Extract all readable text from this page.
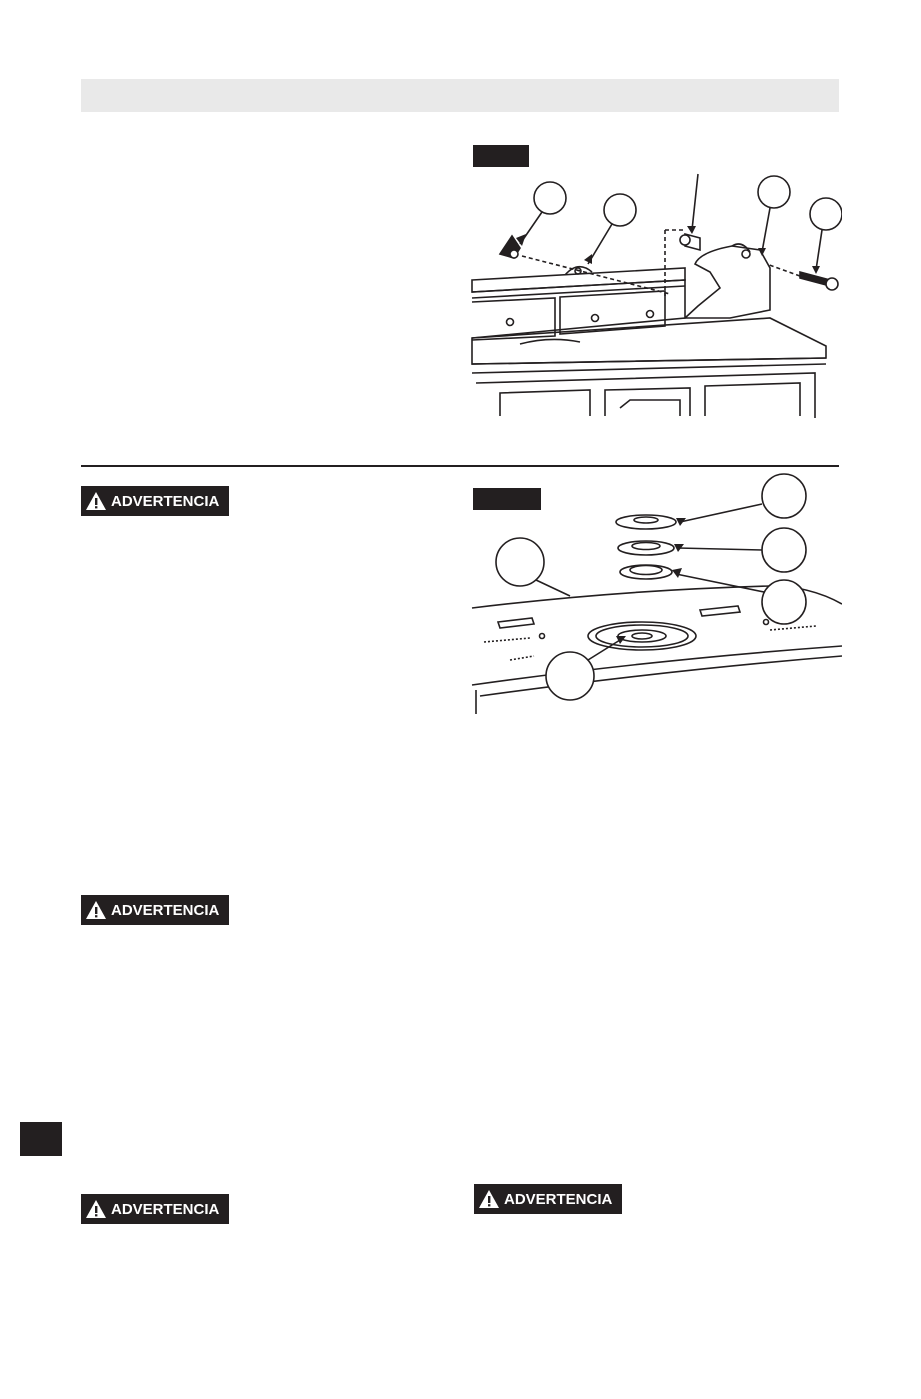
ADVERTENCIA
ADVERTENCIA
ADVERTENCIA
ADVERTENCIA
